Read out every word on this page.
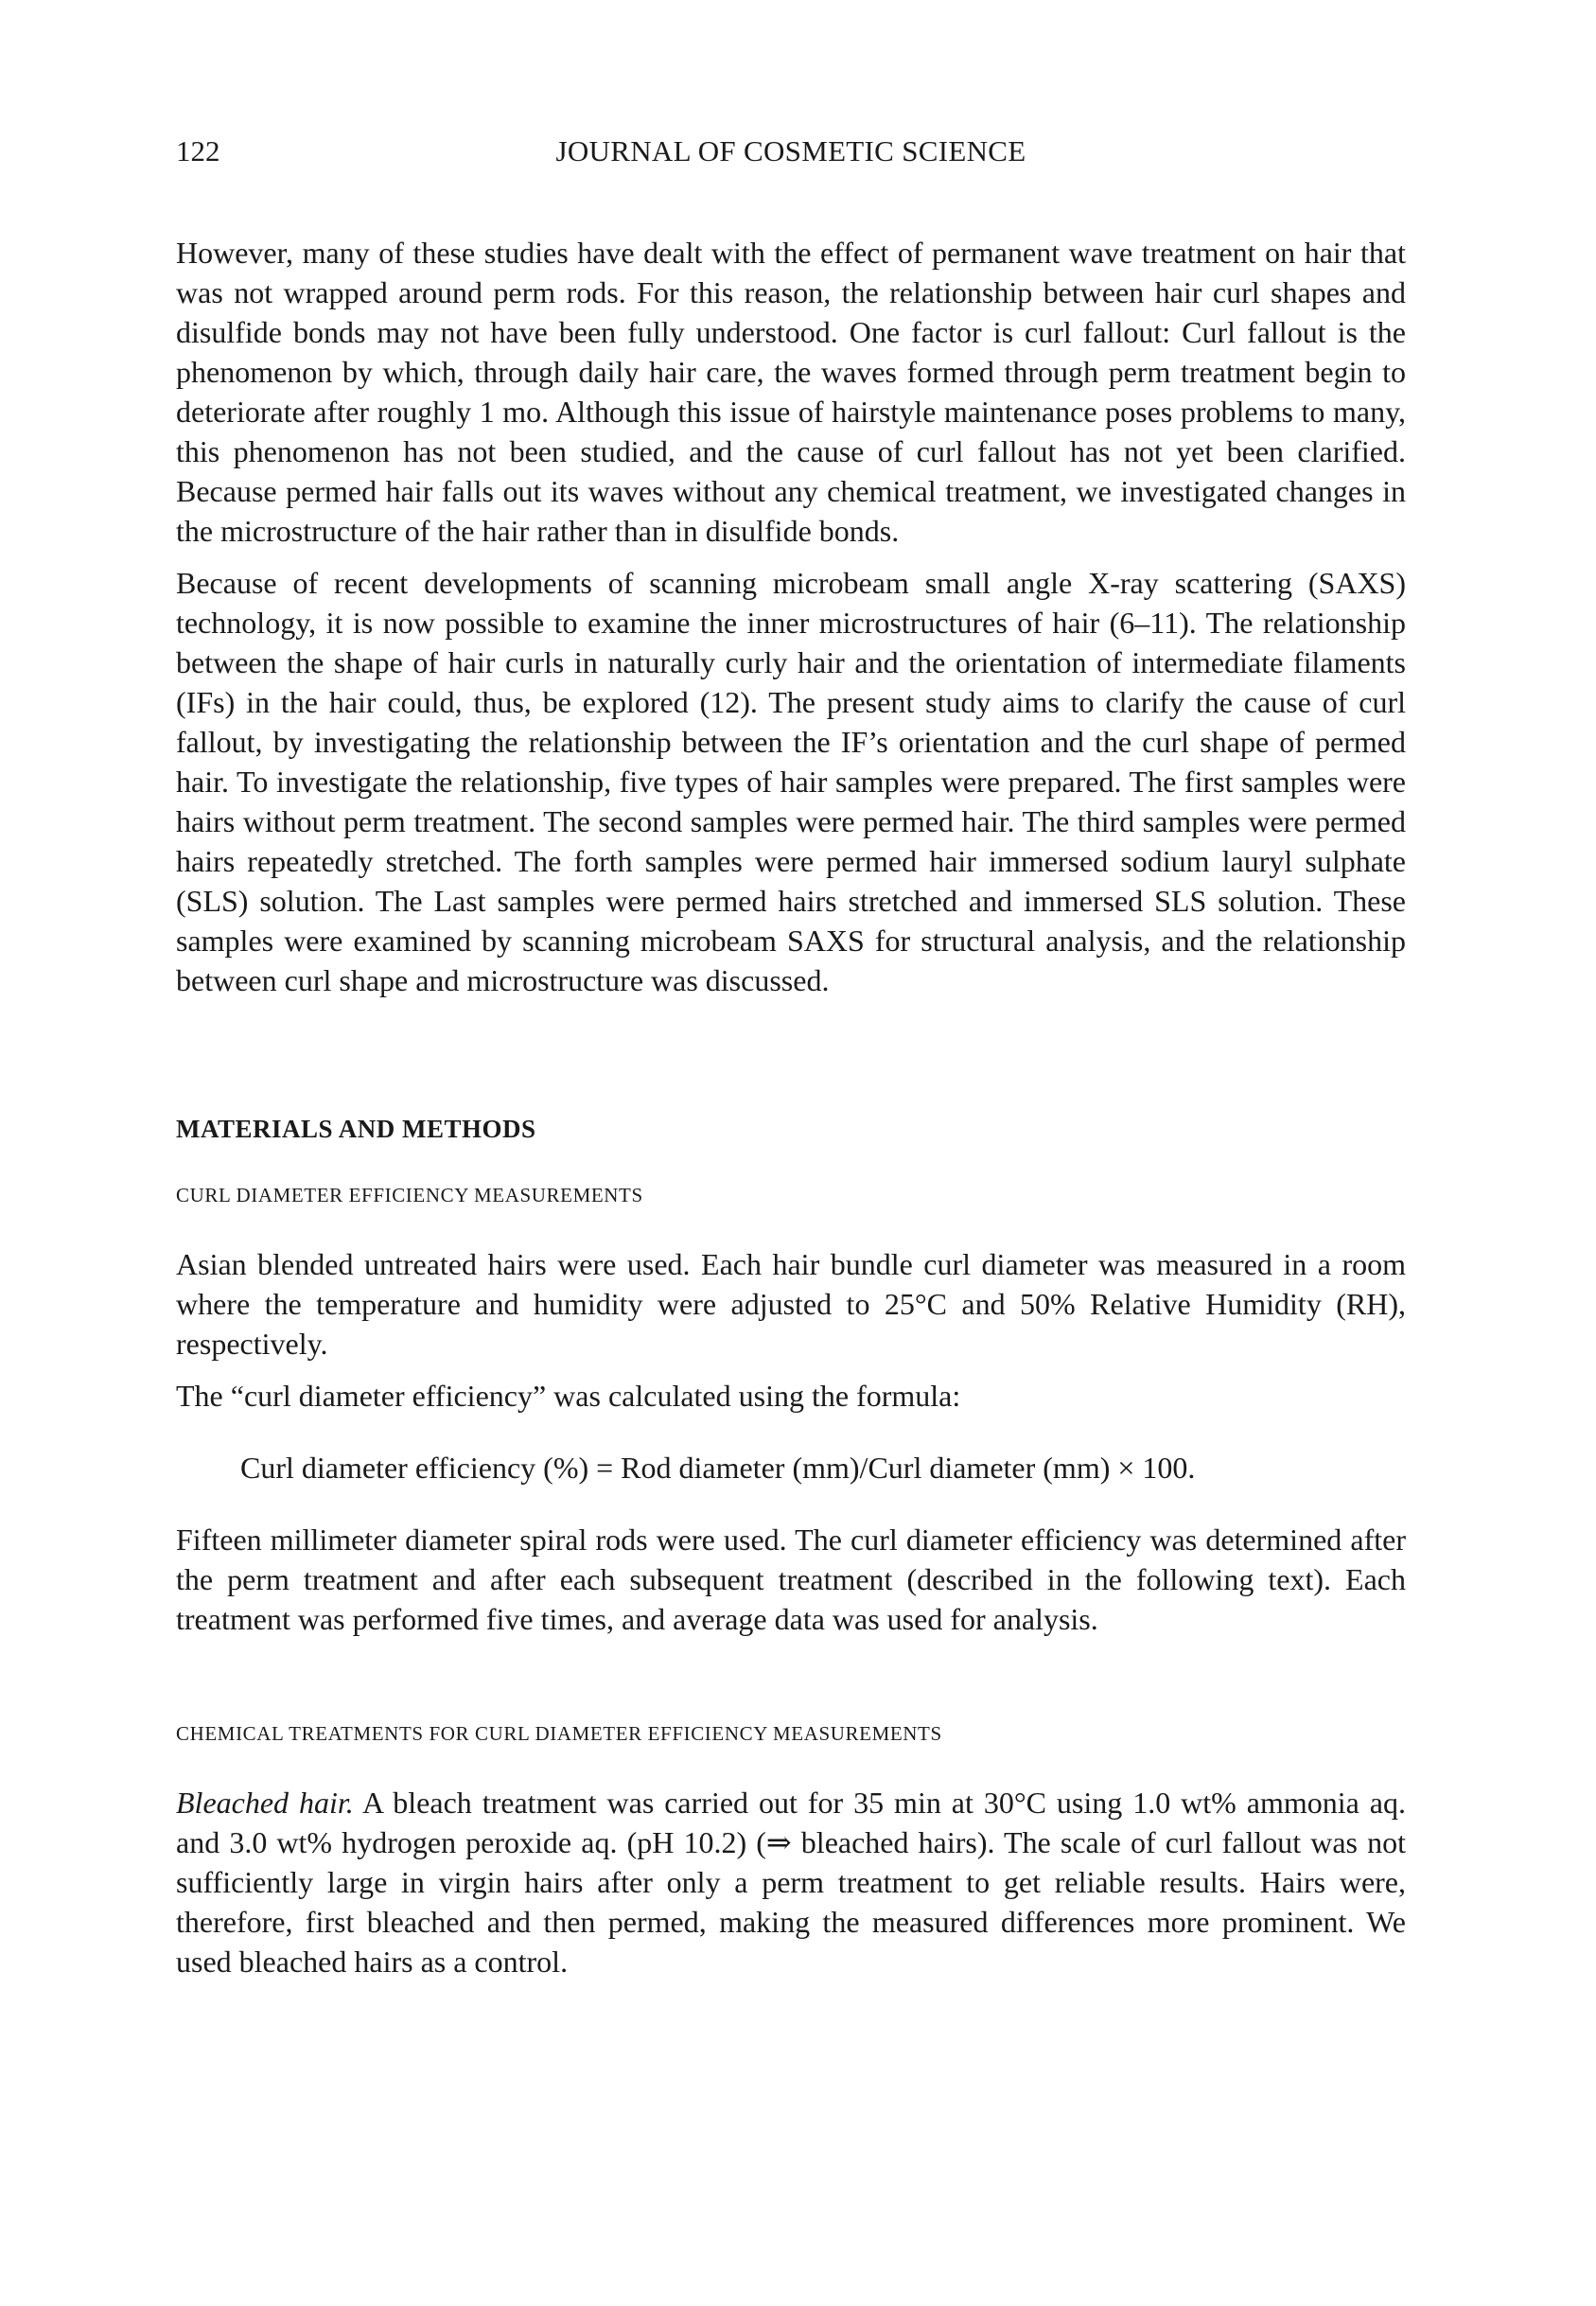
122	JOURNAL OF COSMETIC SCIENCE

However, many of these studies have dealt with the effect of permanent wave treatment on hair that was not wrapped around perm rods. For this reason, the relationship between hair curl shapes and disulfide bonds may not have been fully understood. One factor is curl fallout: Curl fallout is the phenomenon by which, through daily hair care, the waves formed through perm treatment begin to deteriorate after roughly 1 mo. Although this issue of hairstyle maintenance poses problems to many, this phenomenon has not been studied, and the cause of curl fallout has not yet been clarified. Because permed hair falls out its waves without any chemical treatment, we investigated changes in the microstructure of the hair rather than in disulfide bonds.

Because of recent developments of scanning microbeam small angle X-ray scattering (SAXS) technology, it is now possible to examine the inner microstructures of hair (6–11). The relationship between the shape of hair curls in naturally curly hair and the orientation of intermediate filaments (IFs) in the hair could, thus, be explored (12). The present study aims to clarify the cause of curl fallout, by investigating the relationship between the IF’s orientation and the curl shape of permed hair. To investigate the relationship, five types of hair samples were prepared. The first samples were hairs without perm treatment. The second samples were permed hair. The third samples were permed hairs repeatedly stretched. The forth samples were permed hair immersed sodium lauryl sulphate (SLS) solution. The Last samples were permed hairs stretched and immersed SLS solution. These samples were examined by scanning microbeam SAXS for structural analysis, and the relationship between curl shape and microstructure was discussed.

MATERIALS AND METHODS
CURL DIAMETER EFFICIENCY MEASUREMENTS

Asian blended untreated hairs were used. Each hair bundle curl diameter was measured in a room where the temperature and humidity were adjusted to 25°C and 50% Relative Humidity (RH), respectively.

The “curl diameter efficiency” was calculated using the formula:

Curl diameter efficiency (%) = Rod diameter (mm)/Curl diameter (mm) × 100.

Fifteen millimeter diameter spiral rods were used. The curl diameter efficiency was determined after the perm treatment and after each subsequent treatment (described in the following text). Each treatment was performed five times, and average data was used for analysis.

CHEMICAL TREATMENTS FOR CURL DIAMETER EFFICIENCY MEASUREMENTS

Bleached hair. A bleach treatment was carried out for 35 min at 30°C using 1.0 wt% ammonia aq. and 3.0 wt% hydrogen peroxide aq. (pH 10.2) (⇒ bleached hairs). The scale of curl fallout was not sufficiently large in virgin hairs after only a perm treatment to get reliable results. Hairs were, therefore, first bleached and then permed, making the measured differences more prominent. We used bleached hairs as a control.
